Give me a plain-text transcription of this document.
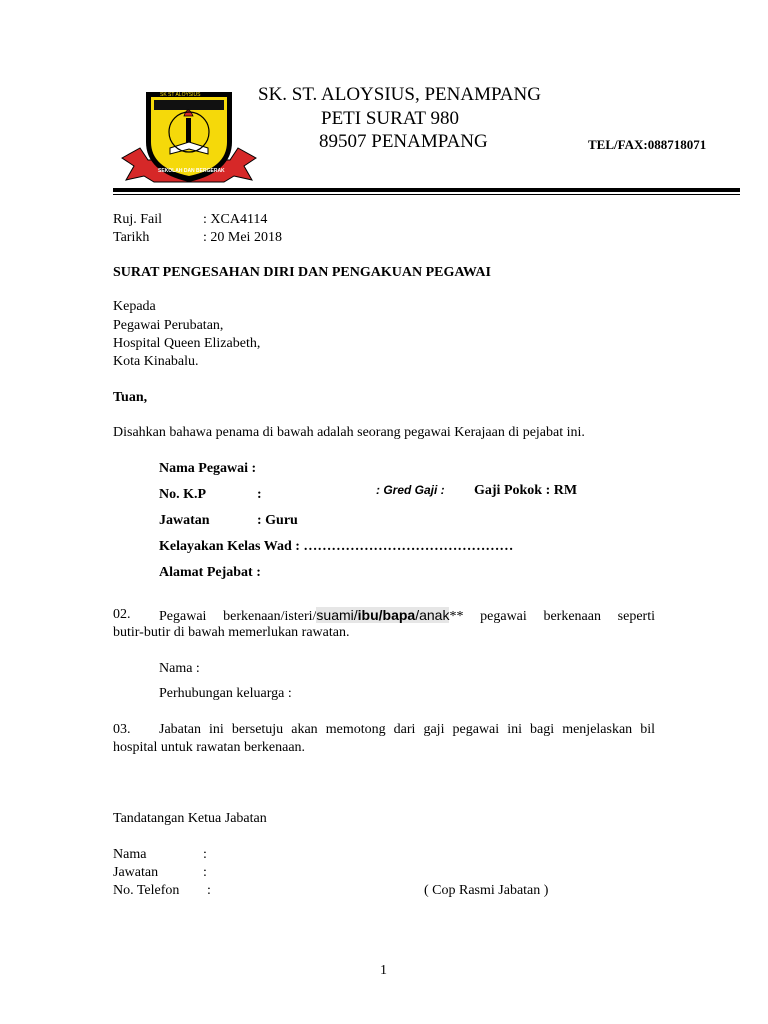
SK ST ALOYSIUS
SEKOLAH DAN BERGERAK
SK. ST. ALOYSIUS, PENAMPANG
PETI SURAT 980
89507 PENAMPANG	TEL/FAX:088718071
Ruj. Fail	: XCA4114
Tarikh	: 20 Mei 2018
SURAT PENGESAHAN DIRI DAN PENGAKUAN PEGAWAI
Kepada
Pegawai Perubatan,
Hospital Queen Elizabeth,
Kota Kinabalu.
Tuan,
Disahkan bahawa penama di bawah adalah seorang pegawai Kerajaan di pejabat ini.
Nama Pegawai :
No. K.P	:	: Gred Gaji : Gaji Pokok : RM
Jawatan	: Guru
Kelayakan Kelas Wad : ………………………………………
Alamat Pejabat :
02. Pegawai berkenaan/isteri/suami/ibu/bapa/anak** pegawai berkenaan seperti
butir-butir di bawah memerlukan rawatan.
Nama :
Perhubungan keluarga :
03. Jabatan ini bersetuju akan memotong dari gaji pegawai ini bagi menjelaskan bil
hospital untuk rawatan berkenaan.
Tandatangan Ketua Jabatan
Nama	:
Jawatan	:
No. Telefon :	( Cop Rasmi Jabatan )
1
